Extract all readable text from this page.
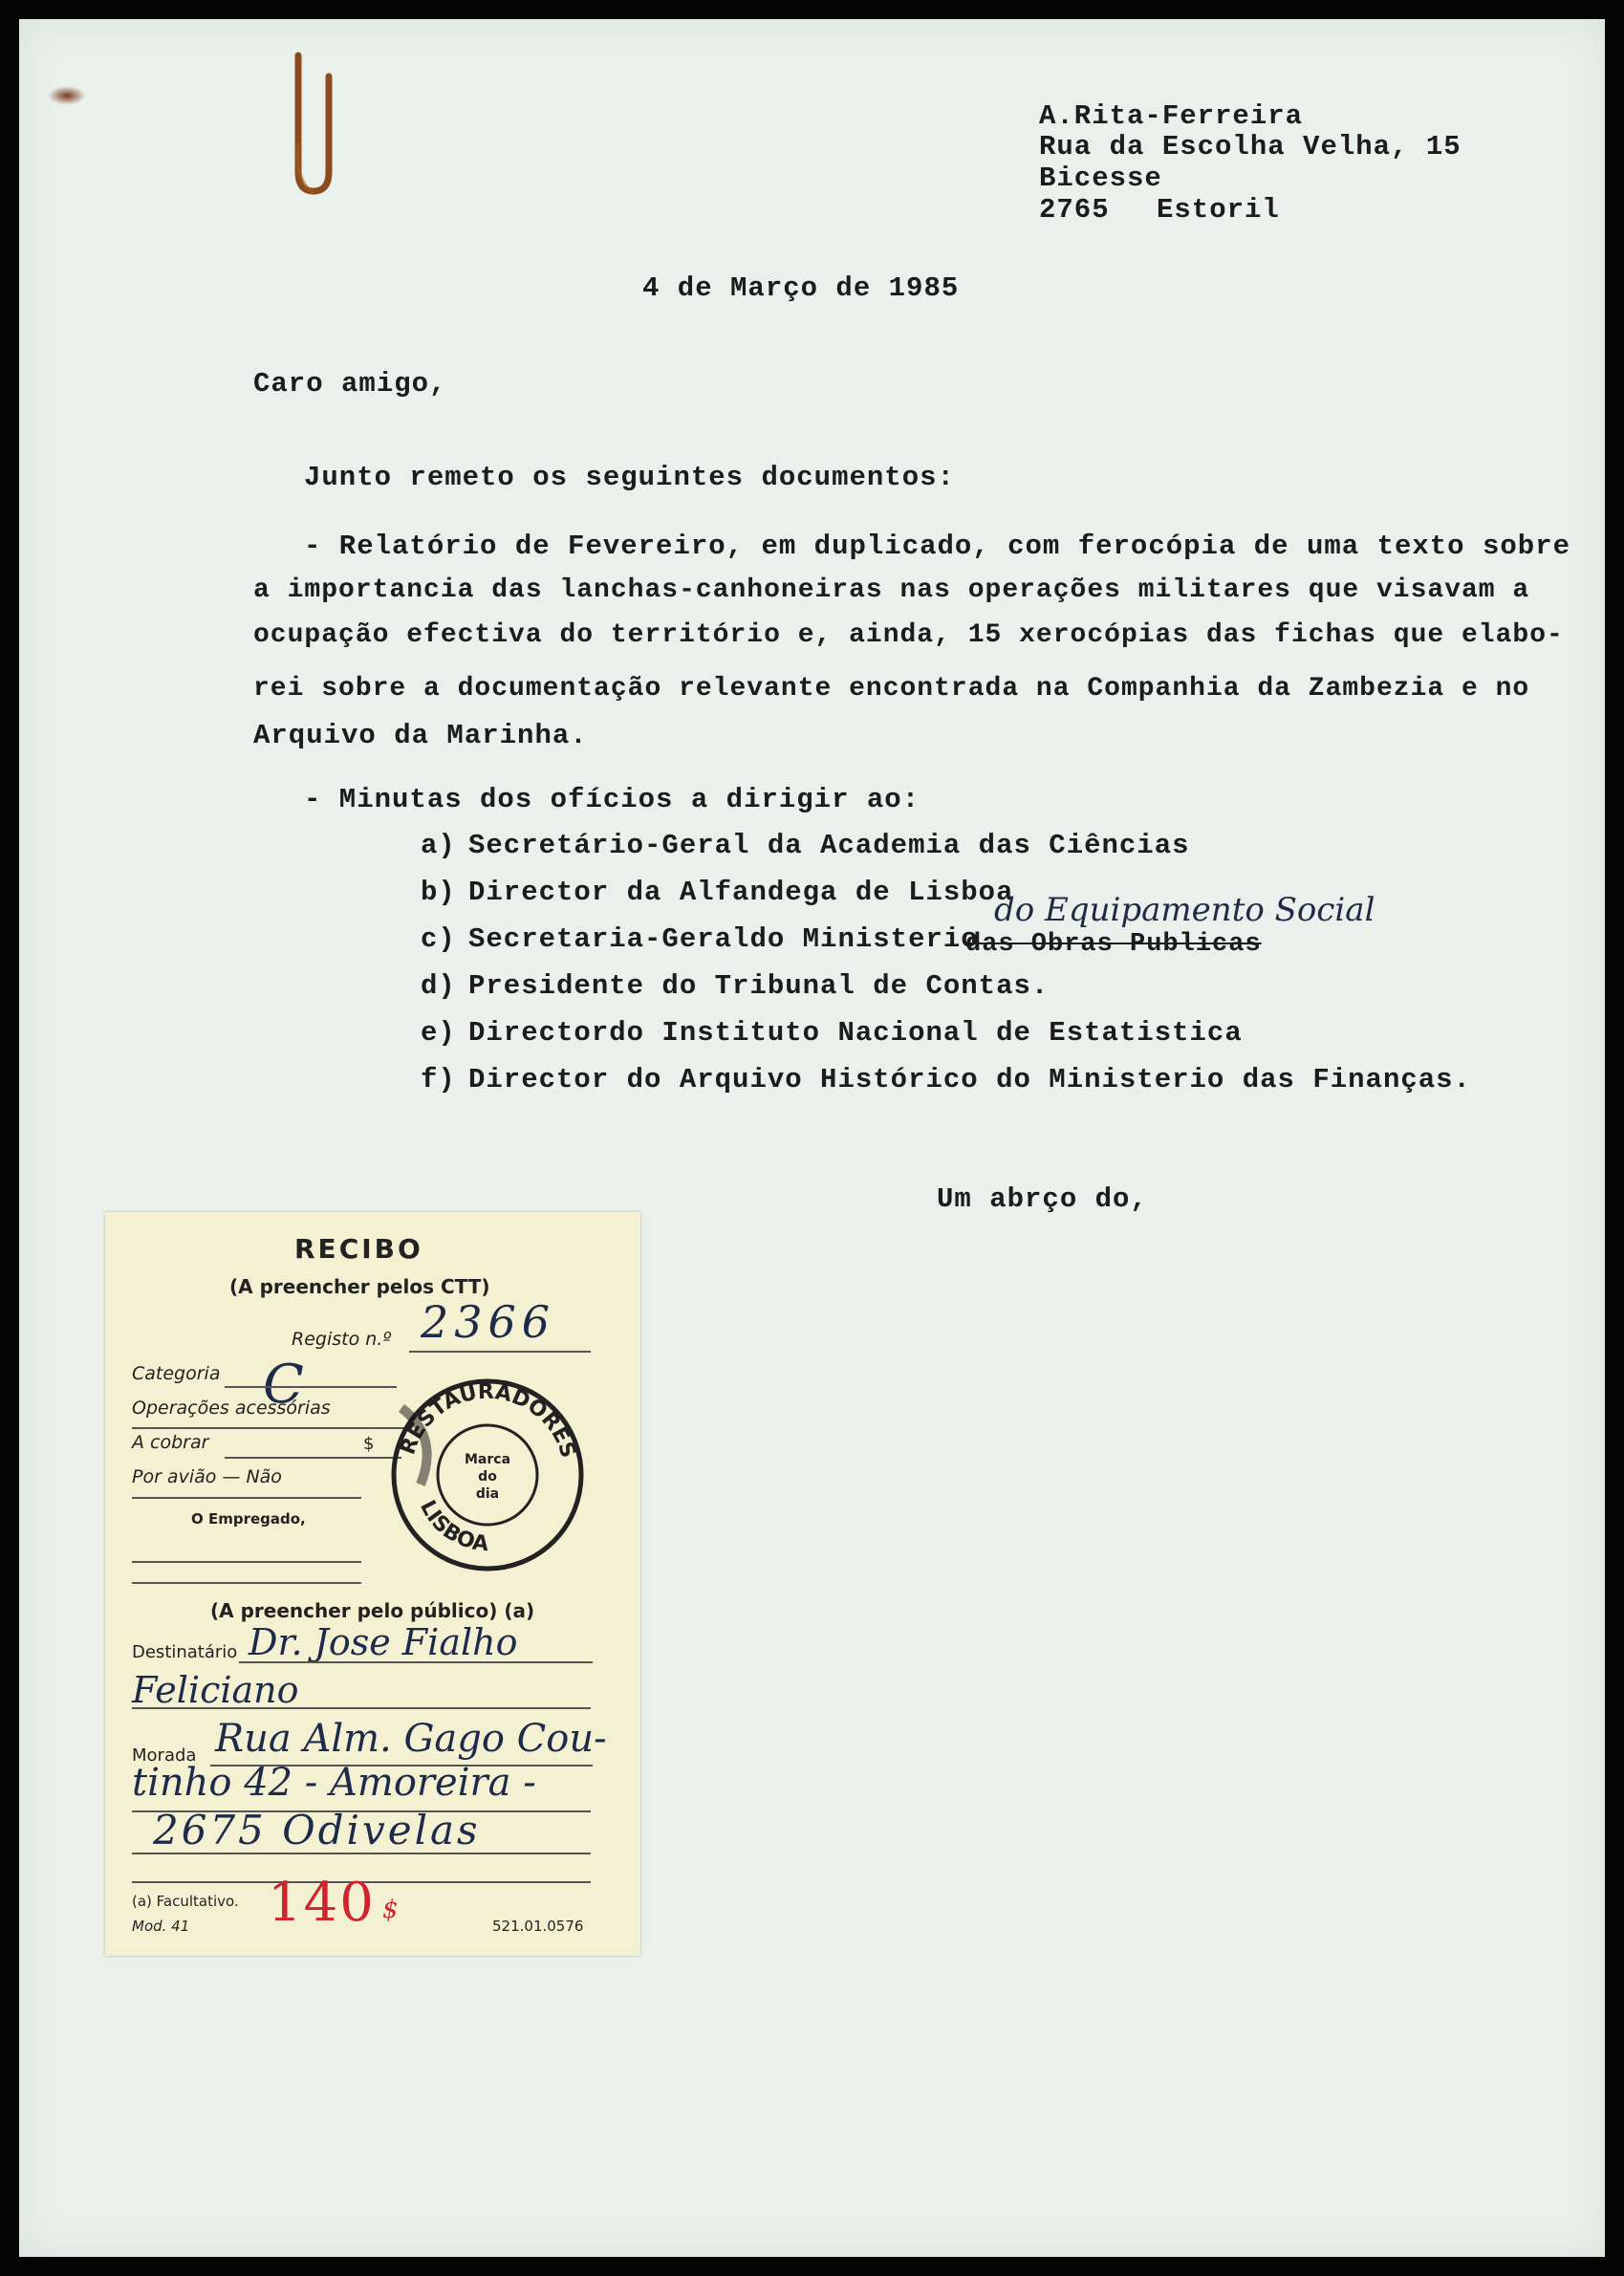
A.Rita-Ferreira
Rua da Escolha Velha, 15
Bicesse
2765 Estoril
4 de Março de 1985
Caro amigo,
Junto remeto os seguintes documentos:
- Relatório de Fevereiro, em duplicado, com ferocópia de uma texto sobre
a importancia das lanchas-canhoneiras nas operações militares que visavam a
ocupação efectiva do território e, ainda, 15 xerocópias das fichas que elabo-
rei sobre a documentação relevante encontrada na Companhia da Zambezia e no
Arquivo da Marinha.
- Minutas dos ofícios a dirigir ao:
a) Secretário-Geral da Academia das Ciências
b) Director da Alfandega de Lisboa
c) Secretaria-Geraldo Ministerio
das Obras Publicas
do Equipamento Social
d) Presidente do Tribunal de Contas.
e) Directordo Instituto Nacional de Estatistica
f) Director do Arquivo Histórico do Ministerio das Finanças.
Um abrço do,
RECIBO
(A preencher pelos CTT)
Registo n.º 2366
Categoria C
Operações acessórias
A cobrar	$
Por avião — Não
O Empregado,
RESTAURADORES
LISBOA
Marca
do
dia
(A preencher pelo público) (a)
Destinatário Dr. Jose Fialho
Feliciano
Morada Rua Alm. Gago Cou-
tinho 42 - Amoreira -
2675 Odivelas
(a) Facultativo.
Mod. 41 140 $
521.01.0576
